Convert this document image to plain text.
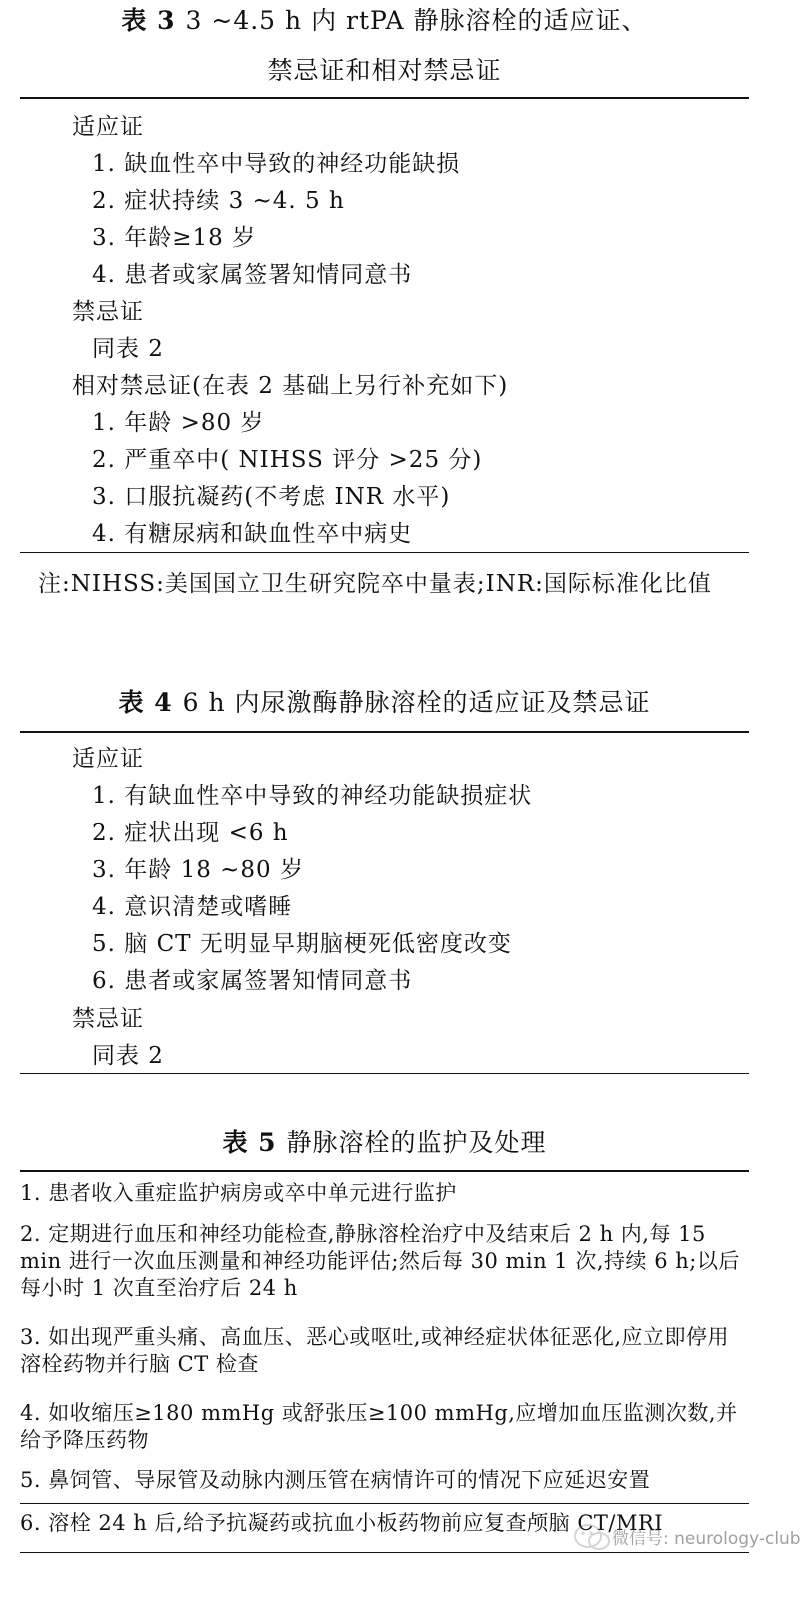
表 3 3 ~4.5 h 内 rtPA 静脉溶栓的适应证、
禁忌证和相对禁忌证
适应证
1. 缺血性卒中导致的神经功能缺损
2. 症状持续 3 ~4. 5 h
3. 年龄≥18 岁
4. 患者或家属签署知情同意书
禁忌证
同表 2
相对禁忌证(在表 2 基础上另行补充如下)
1. 年龄 >80 岁
2. 严重卒中( NIHSS 评分 >25 分)
3. 口服抗凝药(不考虑 INR 水平)
4. 有糖尿病和缺血性卒中病史
注:NIHSS:美国国立卫生研究院卒中量表;INR:国际标准化比值
表 4 6 h 内尿激酶静脉溶栓的适应证及禁忌证
适应证
1. 有缺血性卒中导致的神经功能缺损症状
2. 症状出现 <6 h
3. 年龄 18 ~80 岁
4. 意识清楚或嗜睡
5. 脑 CT 无明显早期脑梗死低密度改变
6. 患者或家属签署知情同意书
禁忌证
同表 2
表 5 静脉溶栓的监护及处理
1. 患者收入重症监护病房或卒中单元进行监护
2. 定期进行血压和神经功能检查,静脉溶栓治疗中及结束后 2 h 内,每 15 min 进行一次血压测量和神经功能评估;然后每 30 min 1 次,持续 6 h;以后每小时 1 次直至治疗后 24 h
3. 如出现严重头痛、高血压、恶心或呕吐,或神经症状体征恶化,应立即停用溶栓药物并行脑 CT 检查
4. 如收缩压≥180 mmHg 或舒张压≥100 mmHg,应增加血压监测次数,并给予降压药物
5. 鼻饲管、导尿管及动脉内测压管在病情许可的情况下应延迟安置
6. 溶栓 24 h 后,给予抗凝药或抗血小板药物前应复查颅脑 CT/MRI
微信号: neurology-club
